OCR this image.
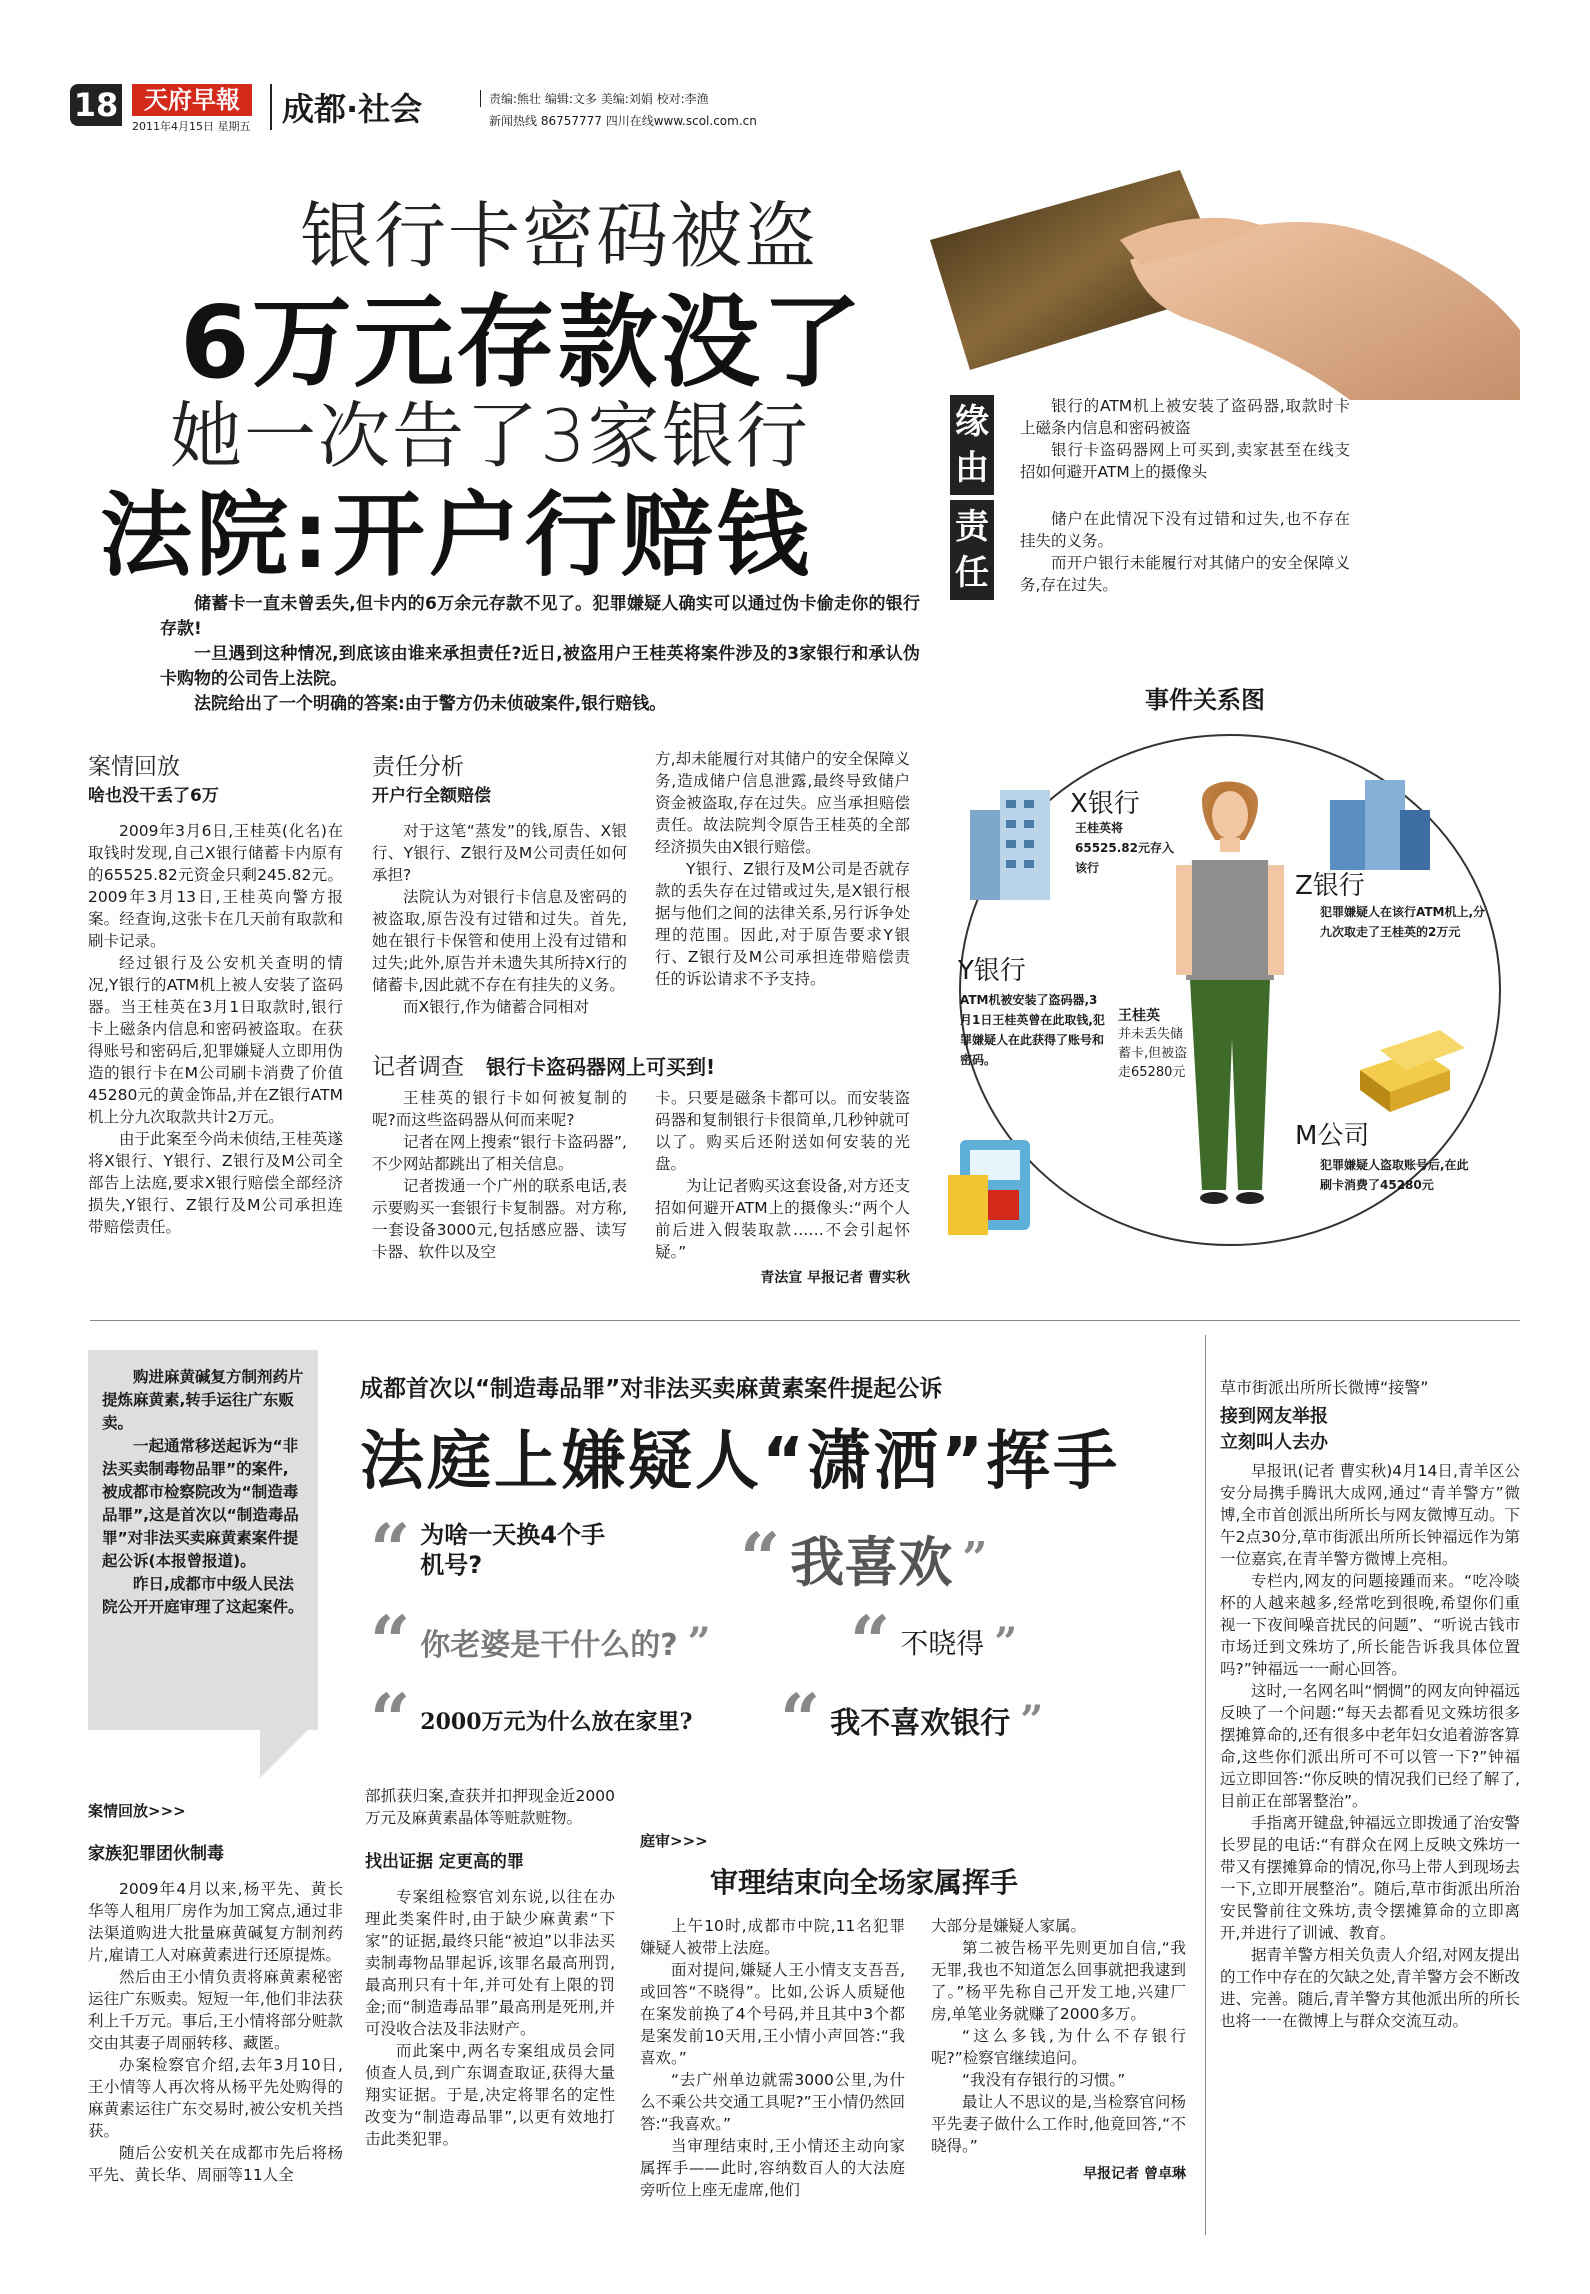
18	天府早報
2011年4月15日 星期五 成都·社会	责编:熊壮 编辑:文多 美编:刘娟 校对:李渔
新闻热线 86757777 四川在线www.scol.com.cn
银行卡密码被盗
6万元存款没了
她一次告了3家银行
法院:开户行赔钱
缘由

银行的ATM机上被安装了盗码器,取款时卡上磁条内信息和密码被盗

银行卡盗码器网上可买到,卖家甚至在线支招如何避开ATM上的摄像头

责任

储户在此情况下没有过错和过失,也不存在挂失的义务。

而开户银行未能履行对其储户的安全保障义务,存在过失。

储蓄卡一直未曾丢失,但卡内的6万余元存款不见了。犯罪嫌疑人确实可以通过伪卡偷走你的银行存款!

一旦遇到这种情况,到底该由谁来承担责任?近日,被盗用户王桂英将案件涉及的3家银行和承认伪卡购物的公司告上法院。

法院给出了一个明确的答案:由于警方仍未侦破案件,银行赔钱。

案情回放
啥也没干丢了6万

2009年3月6日,王桂英(化名)在取钱时发现,自己X银行储蓄卡内原有的65525.82元资金只剩245.82元。2009年3月13日,王桂英向警方报案。经查询,这张卡在几天前有取款和刷卡记录。

经过银行及公安机关查明的情况,Y银行的ATM机上被人安装了盗码器。当王桂英在3月1日取款时,银行卡上磁条内信息和密码被盗取。在获得账号和密码后,犯罪嫌疑人立即用伪造的银行卡在M公司刷卡消费了价值45280元的黄金饰品,并在Z银行ATM机上分九次取款共计2万元。

由于此案至今尚未侦结,王桂英遂将X银行、Y银行、Z银行及M公司全部告上法庭,要求X银行赔偿全部经济损失,Y银行、Z银行及M公司承担连带赔偿责任。

责任分析
开户行全额赔偿

对于这笔“蒸发”的钱,原告、X银行、Y银行、Z银行及M公司责任如何承担?

法院认为对银行卡信息及密码的被盗取,原告没有过错和过失。首先,她在银行卡保管和使用上没有过错和过失;此外,原告并未遗失其所持X行的储蓄卡,因此就不存在有挂失的义务。

而X银行,作为储蓄合同相对

方,却未能履行对其储户的安全保障义务,造成储户信息泄露,最终导致储户资金被盗取,存在过失。应当承担赔偿责任。故法院判令原告王桂英的全部经济损失由X银行赔偿。

Y银行、Z银行及M公司是否就存款的丢失存在过错或过失,是X银行根据与他们之间的法律关系,另行诉争处理的范围。因此,对于原告要求Y银行、Z银行及M公司承担连带赔偿责任的诉讼请求不予支持。

记者调查 银行卡盗码器网上可买到!

王桂英的银行卡如何被复制的呢?而这些盗码器从何而来呢?

记者在网上搜索“银行卡盗码器”,不少网站都跳出了相关信息。

记者拨通一个广州的联系电话,表示要购买一套银行卡复制器。对方称,一套设备3000元,包括感应器、读写卡器、软件以及空

卡。只要是磁条卡都可以。而安装盗码器和复制银行卡很简单,几秒钟就可以了。购买后还附送如何安装的光盘。

为让记者购买这套设备,对方还支招如何避开ATM上的摄像头:“两个人前后进入假装取款……不会引起怀疑。”

青法宣 早报记者 曹实秋
事件关系图
X银行
王桂英将65525.82元存入该行
Z银行
犯罪嫌疑人在该行ATM机上,分九次取走了王桂英的2万元
Y银行
ATM机被安装了盗码器,3月1日王桂英曾在此取钱,犯罪嫌疑人在此获得了账号和密码。
王桂英
并未丢失储蓄卡,但被盗走65280元
M公司
犯罪嫌疑人盗取账号后,在此刷卡消费了45280元

购进麻黄碱复方制剂药片提炼麻黄素,转手运往广东贩卖。

一起通常移送起诉为“非法买卖制毒物品罪”的案件,被成都市检察院改为“制造毒品罪”,这是首次以“制造毒品罪”对非法买卖麻黄素案件提起公诉(本报曾报道)。

昨日,成都市中级人民法院公开开庭审理了这起案件。

成都首次以“制造毒品罪”对非法买卖麻黄素案件提起公诉
法庭上嫌疑人“潇洒”挥手
“ 为啥一天换4个手机号?	“ 我喜欢 ”
“ 你老婆是干什么的? ” “ 不晓得 ”
“ 2000万元为什么放在家里? “ 我不喜欢银行 ”
案情回放>>>
家族犯罪团伙制毒

2009年4月以来,杨平先、黄长华等人租用厂房作为加工窝点,通过非法渠道购进大批量麻黄碱复方制剂药片,雇请工人对麻黄素进行还原提炼。

然后由王小情负责将麻黄素秘密运往广东贩卖。短短一年,他们非法获利上千万元。事后,王小情将部分赃款交由其妻子周丽转移、藏匿。

办案检察官介绍,去年3月10日,王小情等人再次将从杨平先处购得的麻黄素运往广东交易时,被公安机关挡获。

随后公安机关在成都市先后将杨平先、黄长华、周丽等11人全

部抓获归案,查获并扣押现金近2000万元及麻黄素晶体等赃款赃物。

找出证据 定更高的罪

专案组检察官刘东说,以往在办理此类案件时,由于缺少麻黄素“下家”的证据,最终只能“被迫”以非法买卖制毒物品罪起诉,该罪名最高刑罚,最高刑只有十年,并可处有上限的罚金;而“制造毒品罪”最高刑是死刑,并可没收合法及非法财产。

而此案中,两名专案组成员会同侦查人员,到广东调查取证,获得大量翔实证据。于是,决定将罪名的定性改变为“制造毒品罪”,以更有效地打击此类犯罪。

庭审>>>
审理结束向全场家属挥手

上午10时,成都市中院,11名犯罪嫌疑人被带上法庭。

面对提问,嫌疑人王小情支支吾吾,或回答“不晓得”。比如,公诉人质疑他在案发前换了4个号码,并且其中3个都是案发前10天用,王小情小声回答:“我喜欢。”

“去广州单边就需3000公里,为什么不乘公共交通工具呢?”王小情仍然回答:“我喜欢。”

当审理结束时,王小情还主动向家属挥手——此时,容纳数百人的大法庭旁听位上座无虚席,他们

大部分是嫌疑人家属。

第二被告杨平先则更加自信,“我无罪,我也不知道怎么回事就把我逮到了。”杨平先称自己开发工地,兴建厂房,单笔业务就赚了2000多万。

“这么多钱,为什么不存银行呢?”检察官继续追问。

“我没有存银行的习惯。”

最让人不思议的是,当检察官问杨平先妻子做什么工作时,他竟回答,“不晓得。”

早报记者 曾卓琳
草市街派出所所长微博“接警”
接到网友举报
立刻叫人去办

早报讯(记者 曹实秋)4月14日,青羊区公安分局携手腾讯大成网,通过“青羊警方”微博,全市首创派出所所长与网友微博互动。下午2点30分,草市街派出所所长钟福远作为第一位嘉宾,在青羊警方微博上亮相。

专栏内,网友的问题接踵而来。“吃冷啖杯的人越来越多,经常吃到很晚,希望你们重视一下夜间噪音扰民的问题”、“听说古钱市市场迁到文殊坊了,所长能告诉我具体位置吗?”钟福远一一耐心回答。

这时,一名网名叫“惘惆”的网友向钟福远反映了一个问题:“每天去都看见文殊坊很多摆摊算命的,还有很多中老年妇女追着游客算命,这些你们派出所可不可以管一下?”钟福远立即回答:“你反映的情况我们已经了解了,目前正在部署整治”。

手指离开键盘,钟福远立即拨通了治安警长罗昆的电话:“有群众在网上反映文殊坊一带又有摆摊算命的情况,你马上带人到现场去一下,立即开展整治”。随后,草市街派出所治安民警前往文殊坊,责令摆摊算命的立即离开,并进行了训诫、教育。

据青羊警方相关负责人介绍,对网友提出的工作中存在的欠缺之处,青羊警方会不断改进、完善。随后,青羊警方其他派出所的所长也将一一在微博上与群众交流互动。
